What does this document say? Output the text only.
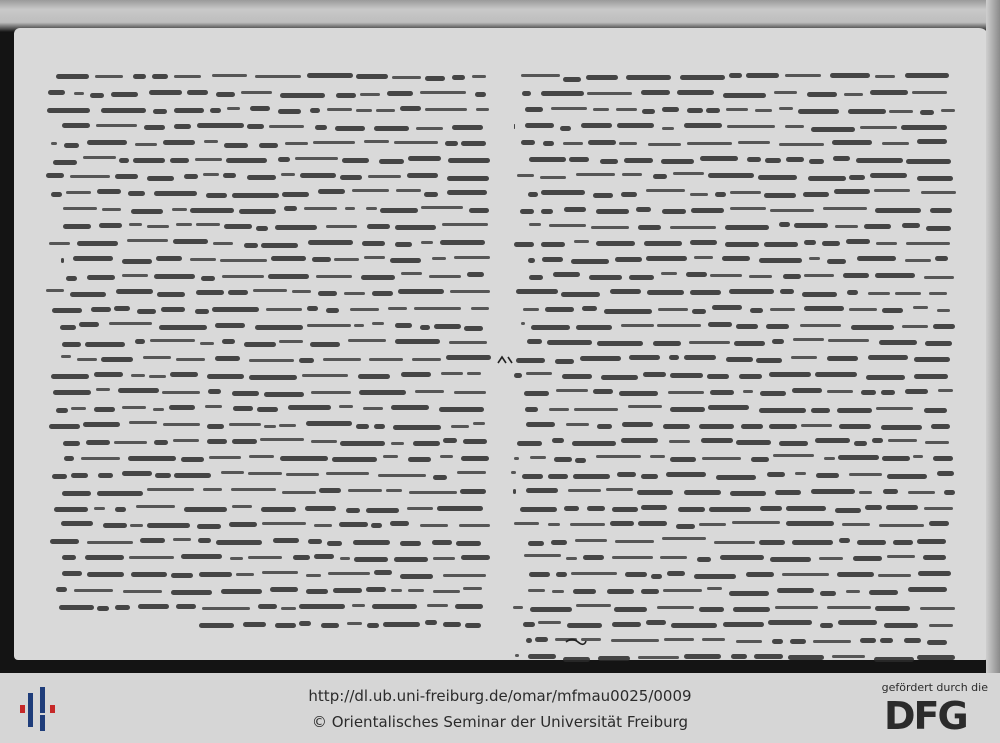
http://dl.ub.uni-freiburg.de/omar/mfmau0025/0009
© Orientalisches Seminar der Universität Freiburg
gefördert durch die
DFG
